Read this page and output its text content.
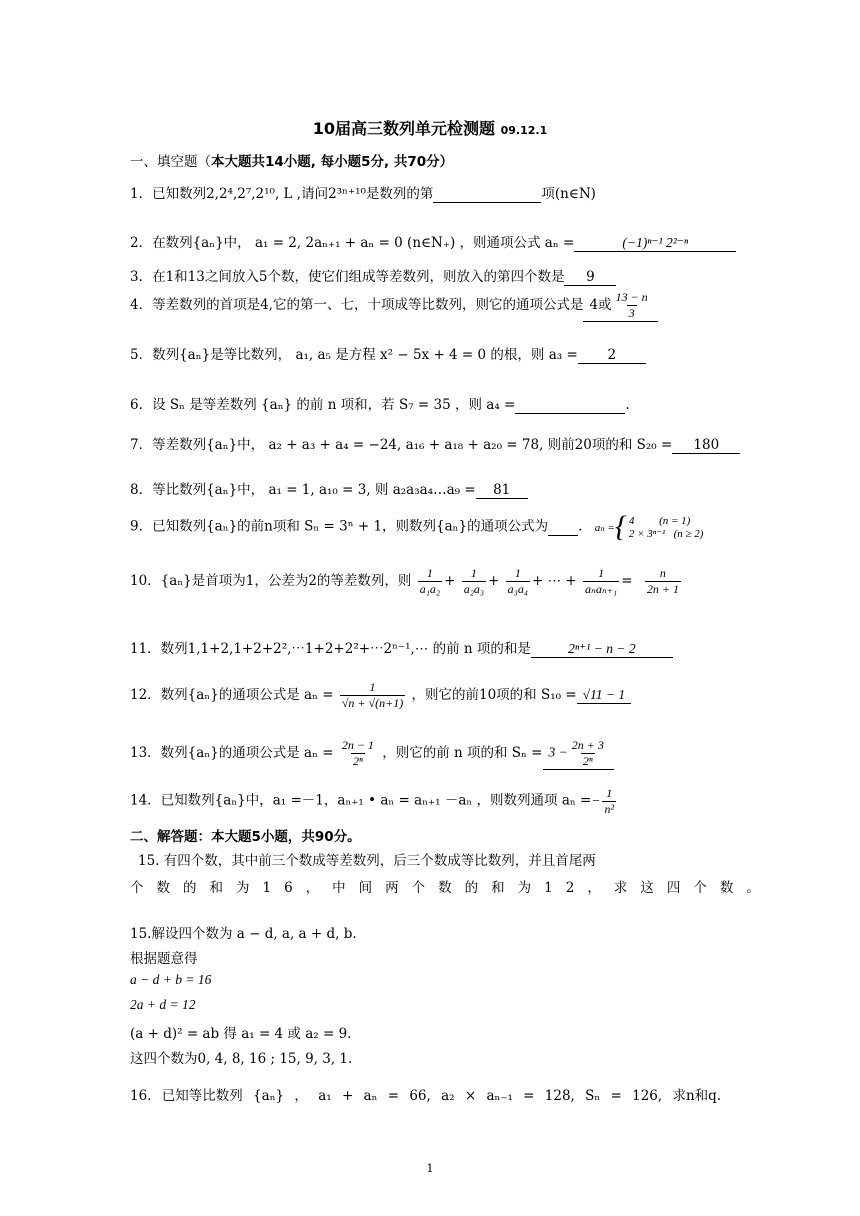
10届高三数列单元检测题 09.12.1
一、填空题（本大题共14小题, 每小题5分, 共70分）
1．已知数列2,2⁴,2⁷,2¹⁰, L ,请问2³ⁿ⁺¹⁰是数列的第	项(n∈N)
2．在数列{aₙ}中， a₁ = 2, 2aₙ₊₁ + aₙ = 0 (n∈N₊) ，则通项公式 aₙ =	(−1)ⁿ⁻¹ 2²⁻ⁿ
3．在1和13之间放入5个数，使它们组成等差数列，则放入的第四个数是 9
4．等差数列的首项是4,它的第一、七，十项成等比数列，则它的通项公式是 4或 $\frac{13 - n}{3}$
5．数列{aₙ}是等比数列， a₁, a₅ 是方程 x² − 5x + 4 = 0 的根，则 a₃ = 2
6．设 Sₙ 是等差数列 {aₙ} 的前 n 项和，若 S₇ = 35 ，则 a₄ =	.
7．等差数列{aₙ}中， a₂ + a₃ + a₄ = −24, a₁₆ + a₁₈ + a₂₀ = 78, 则前20项的和 S₂₀ = 180
8．等比数列{aₙ}中， a₁ = 1, a₁₀ = 3, 则 a₂a₃a₄…a₉ = 81
9．已知数列{aₙ}的前n项和 Sₙ = 3ⁿ + 1，则数列{aₙ}的通项公式为 . aₙ = { 4 (n = 1)
2 × 3ⁿ⁻¹ (n ≥ 2)
10．{aₙ}是首项为1，公差为2的等差数列，则 $\frac{1}{\text{a₁a₂}} + \frac{1}{\text{a₂a₃}} + \frac{1}{\text{a₃a₄}}$ + ⋯ + $\frac{1}{\text{aₙaₙ₊₁}} = \frac{n}{2n + 1}$
11．数列1,1+2,1+2+2²,⋯1+2+2²+⋯2ⁿ⁻¹,⋯ 的前 n 项的和是	2ⁿ⁺¹ − n − 2
12．数列{aₙ}的通项公式是 $a_n = \frac{1}{√n + √(n+1)}$ ，则它的前10项的和 S₁₀ = √11 − 1
13．数列{aₙ}的通项公式是 $a_n = \frac{2n - 1}{\text{2ⁿ}}$ ，则它的前 n 项的和 $S_n = 3 - \frac{2n + 3}{\text{2ⁿ}}$
14．已知数列{aₙ}中，a₁ =－1，aₙ₊₁ • aₙ = aₙ₊₁ －aₙ ，则数列通项 $a_n =- \frac{1}{\text{n²}}$
二、解答题：本大题5小题，共90分。
15. 有四个数，其中前三个数成等差数列，后三个数成等比数列，并且首尾两
个数的和为16，中间两个数的和为12，求这四个数。
15.解设四个数为 a − d, a, a + d, b.
根据题意得
a − d + b = 16
2a + d = 12
(a + d)² = ab 得 a₁ = 4 或 a₂ = 9.
这四个数为0, 4, 8, 16 ; 15, 9, 3, 1.
16. 已知等比数列 {aₙ} ， a₁ + aₙ = 66, a₂ × aₙ₋₁ = 128, Sₙ = 126, 求n和q.
1
